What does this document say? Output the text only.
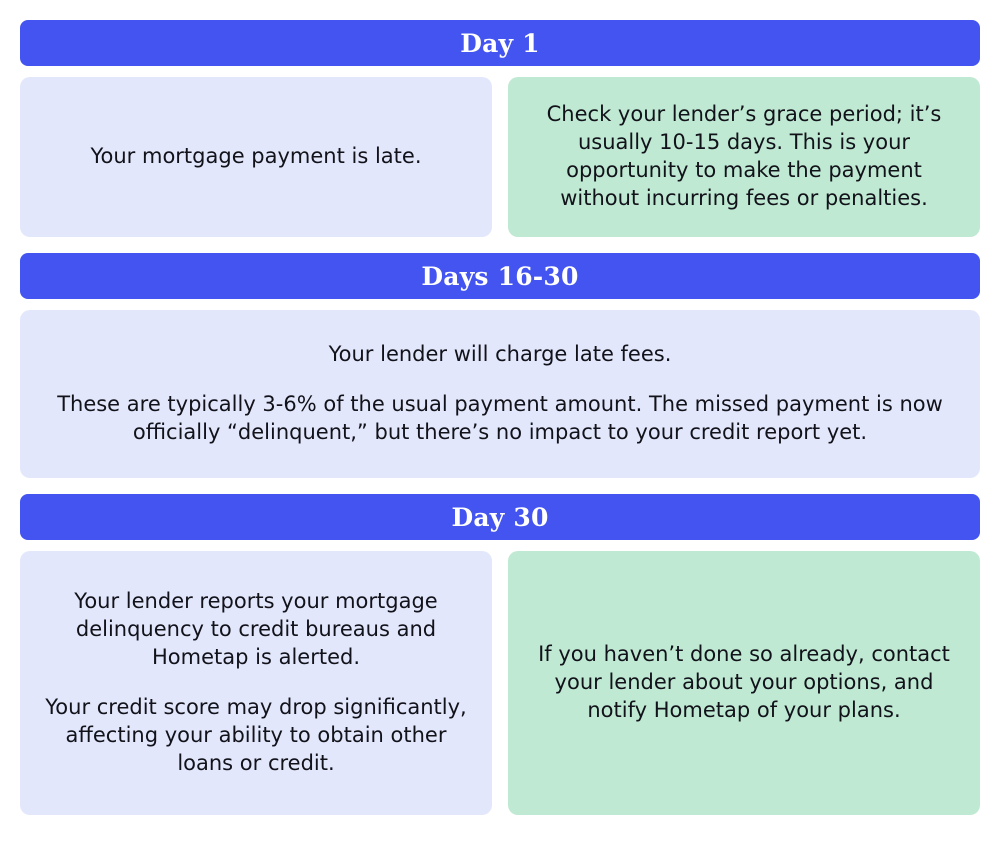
Day 1

Your mortgage payment is late.

Check your lender’s grace period; it’s usually 10-15 days. This is your opportunity to make the payment without incurring fees or penalties.

Days 16-30

Your lender will charge late fees.

These are typically 3-6% of the usual payment amount. The missed payment is now officially “delinquent,” but there’s no impact to your credit report yet.

Day 30

Your lender reports your mortgage delinquency to credit bureaus and Hometap is alerted.

Your credit score may drop significantly, affecting your ability to obtain other loans or credit.

If you haven’t done so already, contact your lender about your options, and notify Hometap of your plans.
